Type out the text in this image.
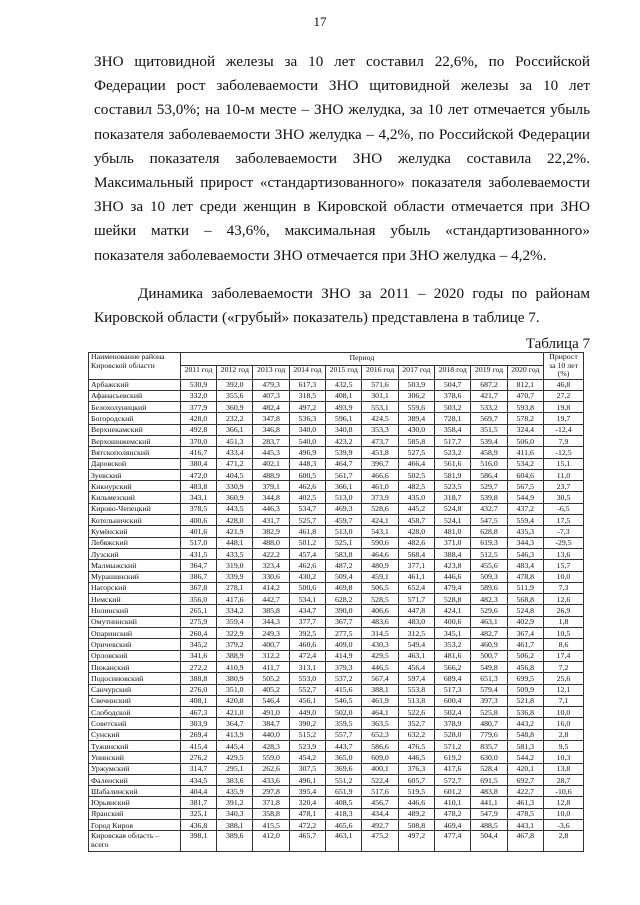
17

ЗНО щитовидной железы за 10 лет составил 22,6%, по Российской Федерации рост заболеваемости ЗНО щитовидной железы за 10 лет составил 53,0%; на 10-м месте – ЗНО желудка, за 10 лет отмечается убыль показателя заболеваемости ЗНО желудка – 4,2%, по Российской Федерации убыль показателя заболеваемости ЗНО желудка составила 22,2%. Максимальный прирост «стандартизованного» показателя заболеваемости ЗНО за 10 лет среди женщин в Кировской области отмечается при ЗНО шейки матки – 43,6%, максимальная убыль «стандартизованного» показателя заболеваемости ЗНО отмечается при ЗНО желудка – 4,2%.

Динамика заболеваемости ЗНО за 2011 – 2020 годы по районам Кировской области («грубый» показатель) представлена в таблице 7.

Таблица 7
Наименование района Кировской области	Период										Прирост за 10 лет (%)
	2011 год	2012 год	2013 год	2014 год	2015 год	2016 год	2017 год	2018 год	2019 год	2020 год	
Арбажский	530,9	392,0	479,3	617,3	432,5	571,6	503,9	504,7	687,2	812,1	46,8
Афанасьевский	332,0	355,6	407,3	318,5	408,1	301,1	306,2	378,6	421,7	470,7	27,2
Белохолуницкий	377,9	360,9	482,4	497,2	493,9	553,1	559,6	503,2	533,2	593,8	19,8
Богородский	428,0	232,2	347,8	536,3	596,1	424,5	389,4	728,1	569,7	578,2	19,7
Верхнекамский	492,8	366,1	346,8	340,0	340,8	353,3	430,0	358,4	351,5	324,4	-12,4
Верхошижемский	370,0	451,3	283,7	540,0	423,2	473,7	585,8	517,7	539,4	506,0	7,9
Вятскополянский	416,7	433,4	445,3	496,9	539,9	451,8	527,5	523,2	458,9	411,6	-12,5
Даровской	380,4	471,2	402,1	448,3	464,7	396,7	466,4	561,6	516,0	534,2	15,1
Зуевский	472,0	404,5	488,9	600,5	561,7	466,6	502,5	581,9	586,4	604,6	11,0
Кикнурский	483,8	330,9	379,1	462,6	366,1	461,0	482,5	523,5	529,7	567,5	23,7
Кильмезский	343,1	360,9	344,8	402,5	513,0	373,9	435,0	318,7	539,8	544,9	30,5
Кирово-Чепецкий	378,5	443,5	446,3	534,7	469,3	528,6	445,2	524,8	432,7	437,2	-6,5
Котельничский	400,6	428,0	431,7	525,7	459,7	424,1	458,7	524,1	547,5	559,4	17,5
Кумёнский	401,6	421,9	382,9	461,8	513,0	543,1	428,0	481,0	628,8	435,3	-7,3
Лебяжский	517,0	448,1	488,0	501,2	525,1	590,6	482,6	371,0	619,3	344,3	-29,5
Лузский	431,5	433,5	422,2	457,4	583,8	464,6	568,4	388,4	512,5	546,3	13,6
Малмыжский	364,7	319,0	323,4	462,6	487,2	480,9	377,1	423,8	455,6	483,4	15,7
Мурашинский	386,7	339,9	330,6	430,2	509,4	459,1	461,1	446,6	509,3	478,8	10,0
Нагорский	367,8	278,1	414,2	500,6	469,8	506,5	652,4	479,4	589,6	511,9	7,3
Немский	356,0	417,6	442,7	534,1	628,2	528,5	571,7	528,8	482,3	568,8	12,6
Нолинский	265,1	334,2	385,8	434,7	390,0	406,6	447,8	424,1	529,6	524,8	26,9
Омутнинский	275,9	359,4	344,3	377,7	367,7	483,6	483,0	400,6	463,1	402,9	1,8
Опаринский	260,4	322,9	249,3	392,5	277,5	314,5	312,5	345,1	482,7	367,4	10,5
Оричевский	345,2	379,2	400,7	460,6	409,0	430,3	549,4	353,2	460,9	461,7	8,6
Орловский	341,6	388,9	312,2	472,4	414,9	429,5	463,1	481,6	500,7	506,2	17,4
Пижанский	272,2	410,9	411,7	313,1	379,3	446,5	456,4	566,2	549,8	456,8	7,2
Подосиновский	388,8	380,9	505,2	553,0	537,2	567,4	597,4	689,4	651,3	699,5	25,6
Санчурский	276,0	351,0	405,2	552,7	415,6	388,1	553,8	517,3	579,4	509,9	12,1
Свечинский	408,1	420,8	546,4	456,1	546,5	461,9	513,8	600,4	397,3	521,8	7,1
Слободской	467,3	421,0	491,0	449,0	502,0	464,1	522,6	502,4	525,8	536,8	10,0
Советский	303,9	364,7	384,7	390,2	359,5	363,5	352,7	378,9	480,7	443,2	16,0
Сунский	269,4	413,9	440,0	515,2	557,7	652,3	632,2	528,0	779,6	548,8	2,8
Тужинский	415,4	445,4	428,3	523,9	443,7	586,6	476,5	571,2	835,7	581,3	9,5
Унинский	276,2	429,5	559,0	454,2	365,0	609,0	446,5	619,2	630,0	544,2	10,3
Уржумский	314,7	295,1	262,6	307,5	369,6	400,1	376,3	417,6	528,4	420,1	13,8
Фаленский	434,5	383,6	433,6	496,1	551,2	522,4	605,7	572,7	691,5	692,7	28,7
Шабалинский	404,4	435,9	297,8	395,4	651,9	517,6	519,5	601,2	483,8	422,7	-10,6
Юрьянский	381,7	391,2	371,8	320,4	408,5	456,7	446,6	410,1	441,1	461,3	12,8
Яранский	325,1	340,3	358,8	478,1	418,3	434,4	489,2	478,2	547,9	478,5	10,0
Город Киров	436,8	388,1	415,5	472,2	465,6	492,7	508,8	469,4	488,5	443,1	-3,6
Кировская область – всего	398,1	389,6	412,0	465,7	463,1	475,2	497,2	477,4	504,4	467,8	2,8
